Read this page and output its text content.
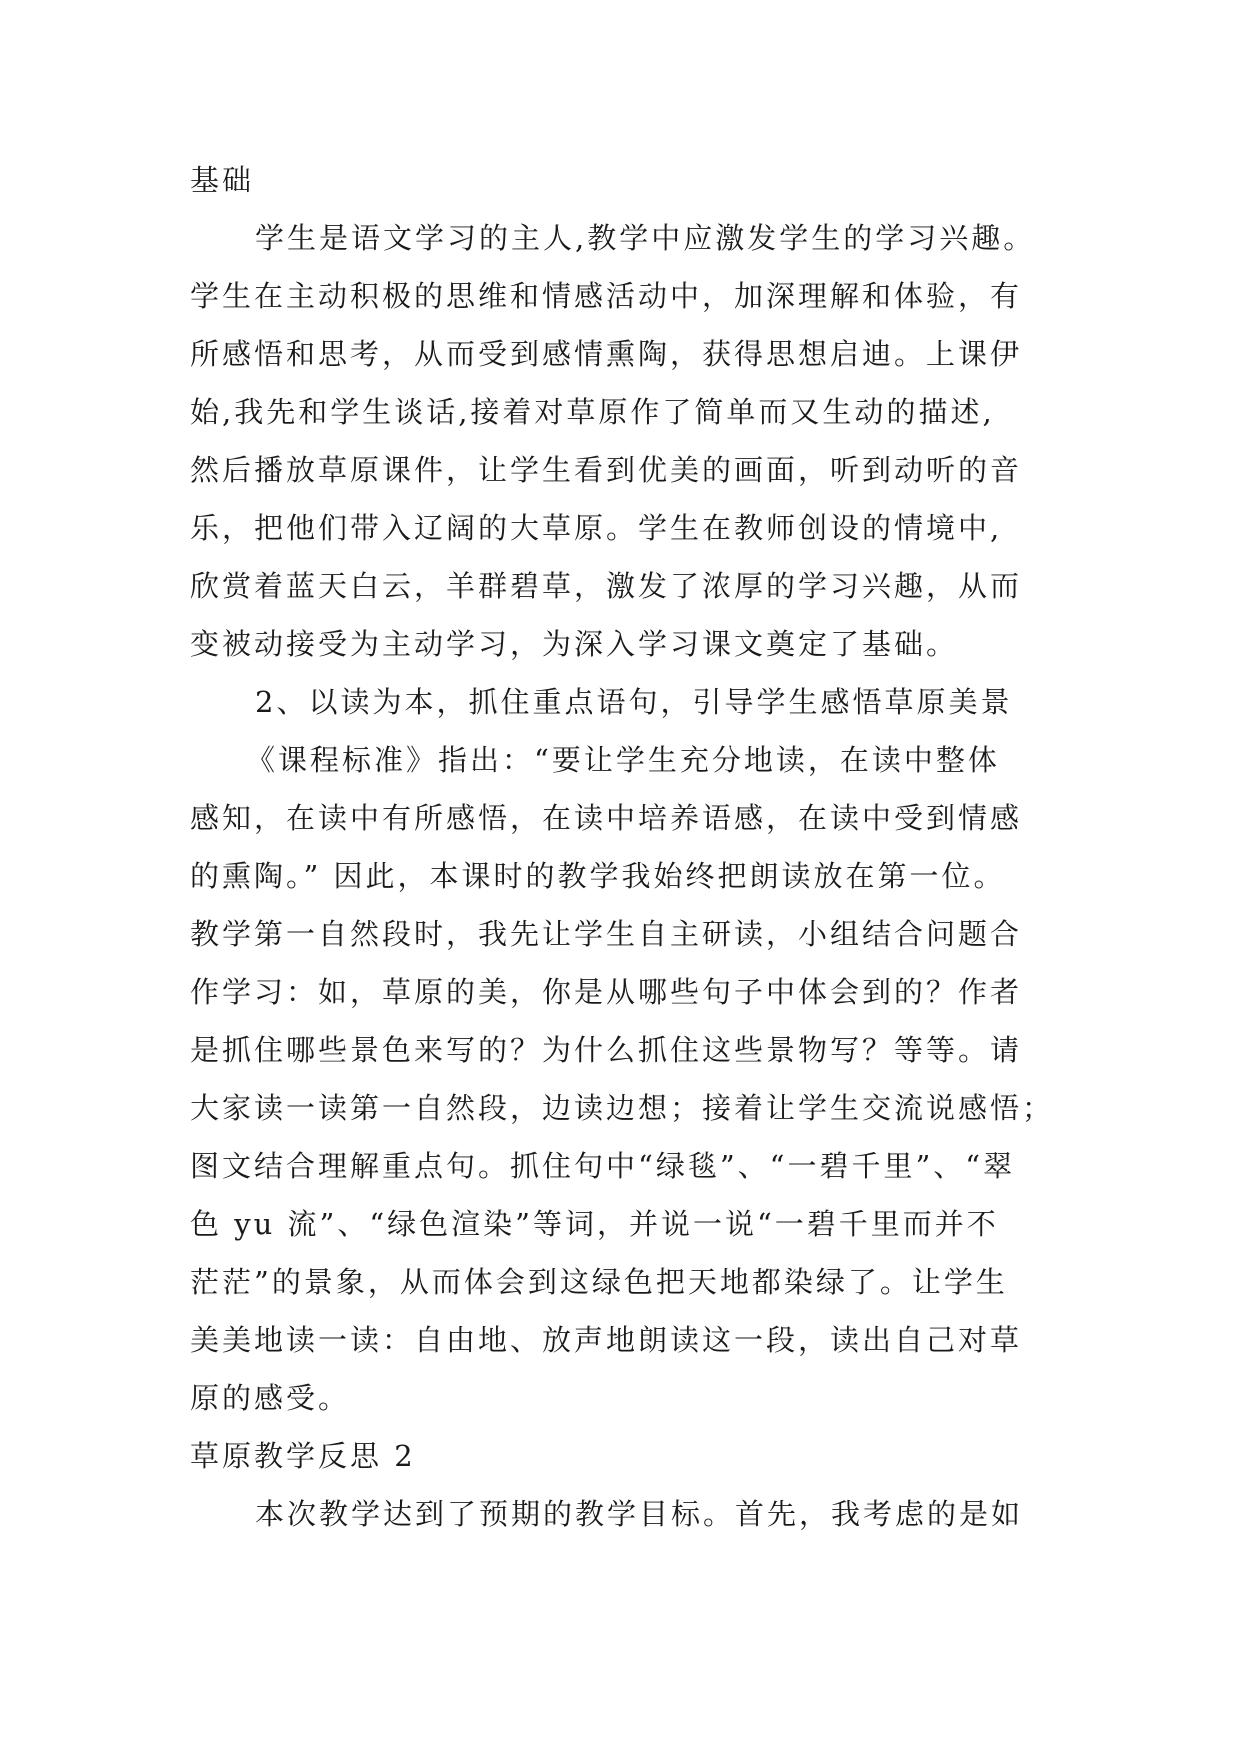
基础
学生是语文学习的主人,教学中应激发学生的学习兴趣。
学生在主动积极的思维和情感活动中，加深理解和体验，有
所感悟和思考，从而受到感情熏陶，获得思想启迪。上课伊
始,我先和学生谈话,接着对草原作了简单而又生动的描述,
然后播放草原课件，让学生看到优美的画面，听到动听的音
乐，把他们带入辽阔的大草原。学生在教师创设的情境中,
欣赏着蓝天白云，羊群碧草，激发了浓厚的学习兴趣，从而
变被动接受为主动学习，为深入学习课文奠定了基础。
2、以读为本，抓住重点语句，引导学生感悟草原美景
《课程标准》指出：“要让学生充分地读，在读中整体
感知，在读中有所感悟，在读中培养语感，在读中受到情感
的熏陶。” 因此，本课时的教学我始终把朗读放在第一位。
教学第一自然段时，我先让学生自主研读，小组结合问题合
作学习：如，草原的美，你是从哪些句子中体会到的？作者
是抓住哪些景色来写的？为什么抓住这些景物写？等等。请
大家读一读第一自然段，边读边想；接着让学生交流说感悟；
图文结合理解重点句。抓住句中“绿毯”、“一碧千里”、“翠
色 yu 流”、“绿色渲染”等词，并说一说“一碧千里而并不
茫茫”的景象，从而体会到这绿色把天地都染绿了。让学生
美美地读一读：自由地、放声地朗读这一段，读出自己对草
原的感受。
草原教学反思 2
本次教学达到了预期的教学目标。首先，我考虑的是如
